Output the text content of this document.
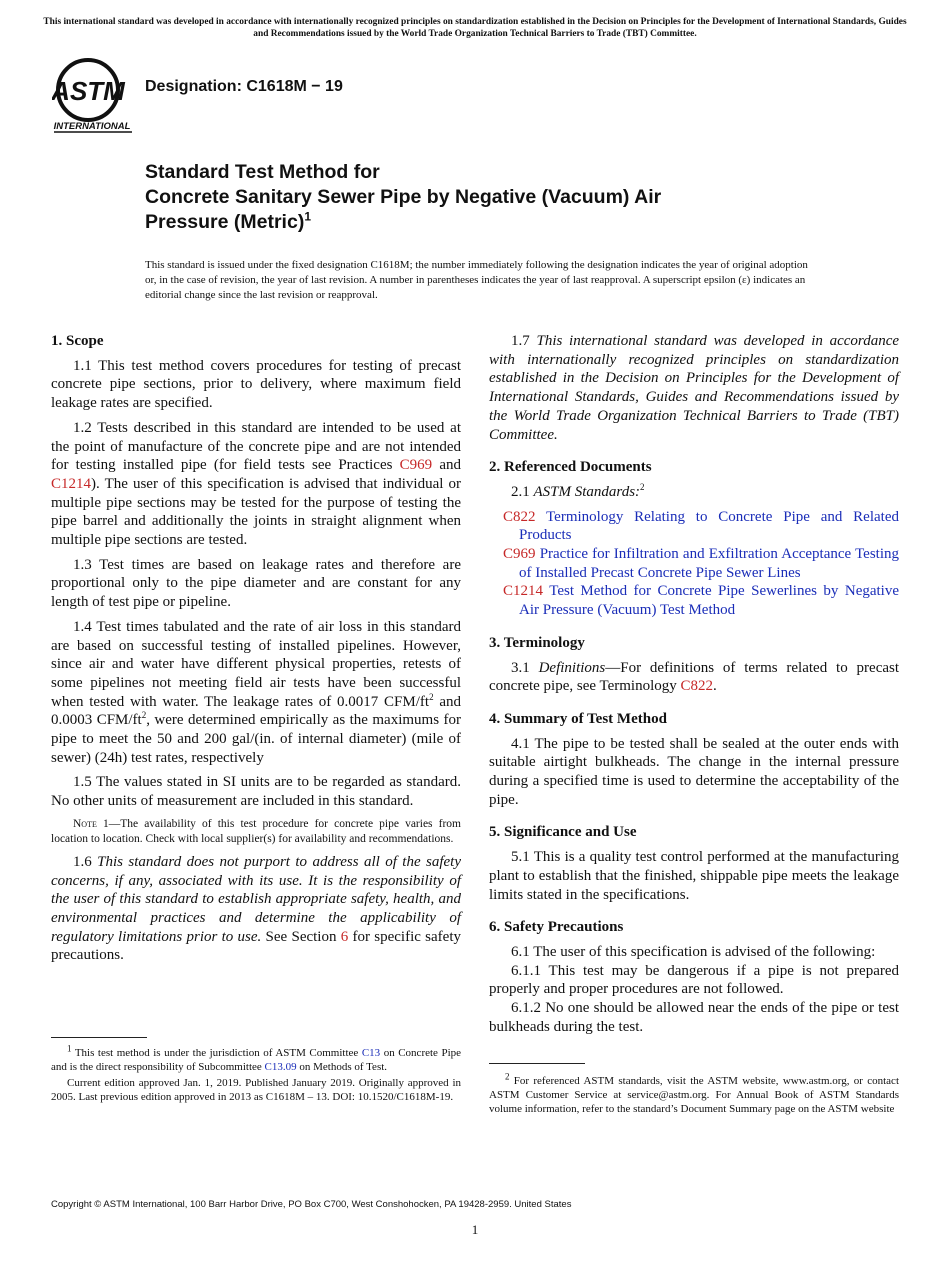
This international standard was developed in accordance with internationally recognized principles on standardization established in the Decision on Principles for the Development of International Standards, Guides and Recommendations issued by the World Trade Organization Technical Barriers to Trade (TBT) Committee.
ASTM
INTERNATIONAL
Designation: C1618M − 19
Standard Test Method for
Concrete Sanitary Sewer Pipe by Negative (Vacuum) Air
Pressure (Metric)$^1$
This standard is issued under the fixed designation C1618M; the number immediately following the designation indicates the year of original adoption or, in the case of revision, the year of last revision. A number in parentheses indicates the year of last reapproval. A superscript epsilon (ε) indicates an editorial change since the last revision or reapproval.
1. Scope

1.1 This test method covers procedures for testing of precast concrete pipe sections, prior to delivery, where maximum field leakage rates are specified.

1.2 Tests described in this standard are intended to be used at the point of manufacture of the concrete pipe and are not intended for testing installed pipe (for field tests see Practices C969 and C1214). The user of this specification is advised that individual or multiple pipe sections may be tested for the purpose of testing the pipe barrel and additionally the joints in straight alignment when multiple pipe sections are tested.

1.3 Test times are based on leakage rates and therefore are proportional only to the pipe diameter and are constant for any length of test pipe or pipeline.

1.4 Test times tabulated and the rate of air loss in this standard are based on successful testing of installed pipelines. However, since air and water have different physical properties, retests of some pipelines not meeting field air tests have been successful when tested with water. The leakage rates of 0.0017 CFM/$ft^2$ and 0.0003 CFM/$ft^2$, were determined empirically as the maximums for pipe to meet the 50 and 200 gal/(in. of internal diameter) (mile of sewer) (24h) test rates, respectively

1.5 The values stated in SI units are to be regarded as standard. No other units of measurement are included in this standard.

Note 1—The availability of this test procedure for concrete pipe varies from location to location. Check with local supplier(s) for availability and recommendations.

1.6 This standard does not purport to address all of the safety concerns, if any, associated with its use. It is the responsibility of the user of this standard to establish appropriate safety, health, and environmental practices and determine the applicability of regulatory limitations prior to use. See Section 6 for specific safety precautions.

$^1$ This test method is under the jurisdiction of ASTM Committee C13 on Concrete Pipe and is the direct responsibility of Subcommittee C13.09 on Methods of Test.

Current edition approved Jan. 1, 2019. Published January 2019. Originally approved in 2005. Last previous edition approved in 2013 as C1618M – 13. DOI: 10.1520/C1618M-19.

1.7 This international standard was developed in accordance with internationally recognized principles on standardization established in the Decision on Principles for the Development of International Standards, Guides and Recommendations issued by the World Trade Organization Technical Barriers to Trade (TBT) Committee.

2. Referenced Documents

2.1 ASTM Standards:$^2$

C822 Terminology Relating to Concrete Pipe and Related Products
C969 Practice for Infiltration and Exfiltration Acceptance Testing of Installed Precast Concrete Pipe Sewer Lines
C1214 Test Method for Concrete Pipe Sewerlines by Negative Air Pressure (Vacuum) Test Method
3. Terminology

3.1 Definitions—For definitions of terms related to precast concrete pipe, see Terminology C822.

4. Summary of Test Method

4.1 The pipe to be tested shall be sealed at the outer ends with suitable airtight bulkheads. The change in the internal pressure during a specified time is used to determine the acceptability of the pipe.

5. Significance and Use

5.1 This is a quality test control performed at the manufacturing plant to establish that the finished, shippable pipe meets the leakage limits stated in the specifications.

6. Safety Precautions

6.1 The user of this specification is advised of the following:

6.1.1 This test may be dangerous if a pipe is not prepared properly and proper procedures are not followed.

6.1.2 No one should be allowed near the ends of the pipe or test bulkheads during the test.

$^2$ For referenced ASTM standards, visit the ASTM website, www.astm.org, or contact ASTM Customer Service at service@astm.org. For Annual Book of ASTM Standards volume information, refer to the standard’s Document Summary page on the ASTM website

Copyright © ASTM International, 100 Barr Harbor Drive, PO Box C700, West Conshohocken, PA 19428-2959. United States
1
